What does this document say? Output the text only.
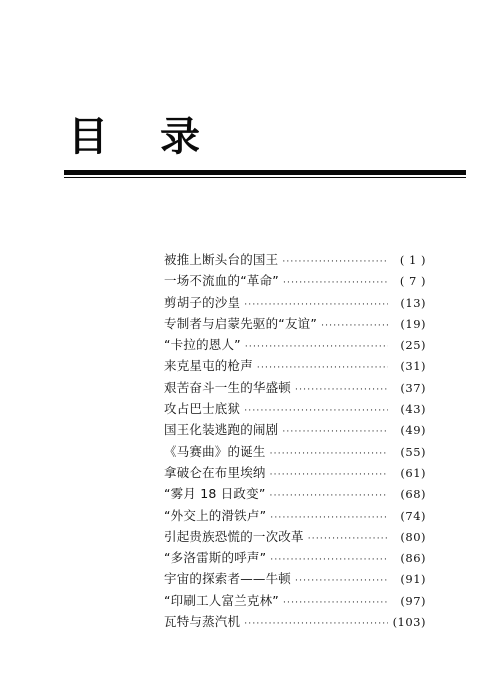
目 录
被推上断头台的国王 ·····	( 1 )
一场不流血的“革命” ·····	( 7 )
剪胡子的沙皇 ·····	(13)
专制者与启蒙先驱的“友谊” ·····	(19)
“卡拉的恩人” ·····	(25)
来克星屯的枪声 ·····	(31)
艰苦奋斗一生的华盛顿 ·····	(37)
攻占巴士底狱 ·····	(43)
国王化装逃跑的闹剧 ·····	(49)
《马赛曲》的诞生 ·····	(55)
拿破仑在布里埃纳 ·····	(61)
“雾月 18 日政变” ·····	(68)
“外交上的滑铁卢” ·····	(74)
引起贵族恐慌的一次改革 ·····	(80)
“多洛雷斯的呼声” ·····	(86)
宇宙的探索者——牛顿 ·····	(91)
“印刷工人富兰克林” ·····	(97)
瓦特与蒸汽机 ·····	(103)
